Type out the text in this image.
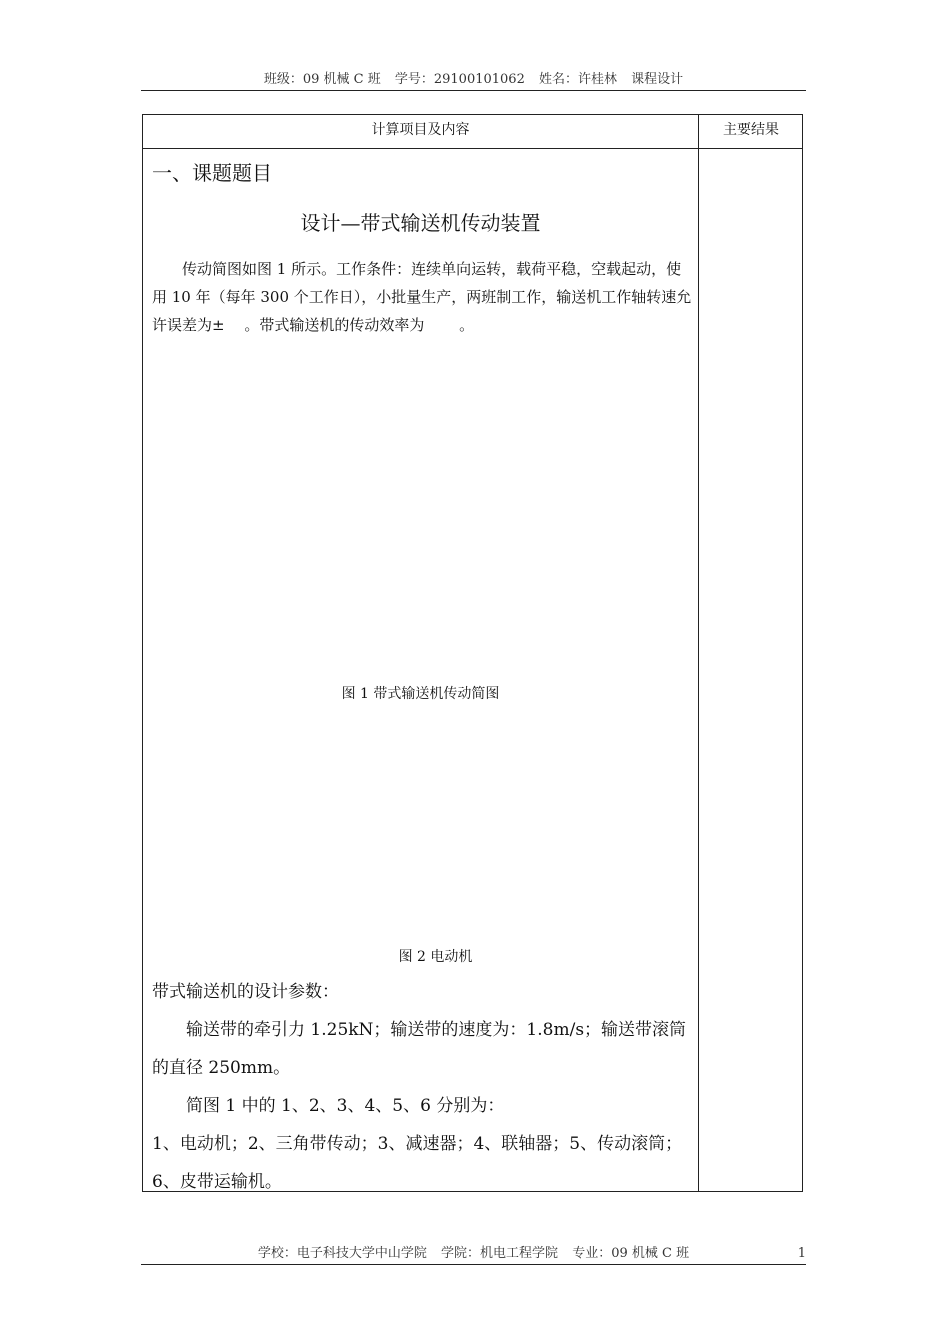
班级：09 机械 C 班 学号：29100101062 姓名：许桂林 课程设计
计算项目及内容	主要结果
一、课题题目
设计—带式输送机传动装置

传动简图如图 1 所示。工作条件：连续单向运转，载荷平稳，空载起动，使用 10 年（每年 300 个工作日），小批量生产，两班制工作，输送机工作轴转速允许误差为±　 。带式输送机的传动效率为　　 。

图 1 带式输送机传动简图
图 2 电动机
带式输送机的设计参数：

输送带的牵引力 1.25kN；输送带的速度为：1.8m/s；输送带滚筒的直径 250mm。

简图 1 中的 1、2、3、4、5、6 分别为：

1、电动机；2、三角带传动；3、减速器；4、联轴器；5、传动滚筒；6、皮带运输机。

学校：电子科技大学中山学院 学院：机电工程学院 专业：09 机械 C 班	1
